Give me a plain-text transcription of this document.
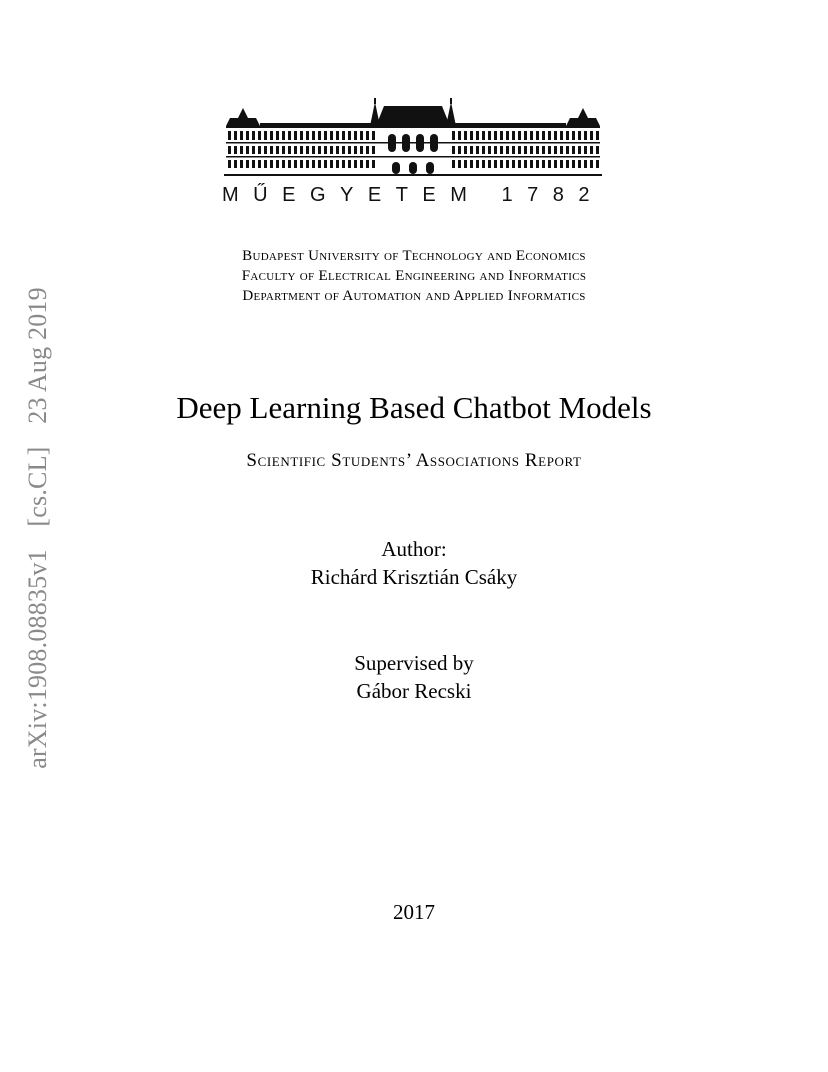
arXiv:1908.08835v1 [cs.CL] 23 Aug 2019
MŰEGYETEM 1782
Budapest University of Technology and Economics
Faculty of Electrical Engineering and Informatics
Department of Automation and Applied Informatics
Deep Learning Based Chatbot Models
Scientific Students’ Associations Report
Author:
Richárd Krisztián Csáky
Supervised by
Gábor Recski
2017
